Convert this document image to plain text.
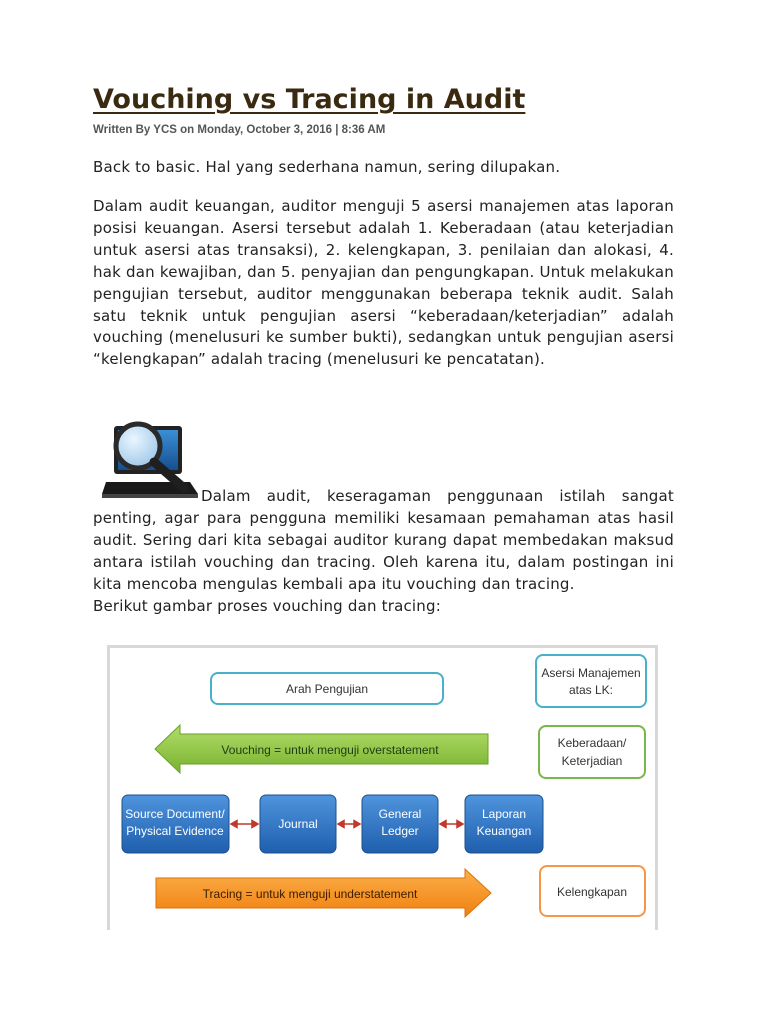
Vouching vs Tracing in Audit
Written By YCS on Monday, October 3, 2016 | 8:36 AM
Back to basic. Hal yang sederhana namun, sering dilupakan.
Dalam audit keuangan, auditor menguji 5 asersi manajemen atas laporan posisi keuangan. Asersi tersebut adalah 1. Keberadaan (atau keterjadian untuk asersi atas transaksi), 2. kelengkapan, 3. penilaian dan alokasi, 4. hak dan kewajiban, dan 5. penyajian dan pengungkapan. Untuk melakukan pengujian tersebut, auditor menggunakan beberapa teknik audit. Salah satu teknik untuk pengujian asersi “keberadaan/keterjadian” adalah vouching (menelusuri ke sumber bukti), sedangkan untuk pengujian asersi “kelengkapan” adalah tracing (menelusuri ke pencatatan).
Dalam audit, keseragaman penggunaan istilah sangat penting, agar para pengguna memiliki kesamaan pemahaman atas hasil audit. Sering dari kita sebagai auditor kurang dapat membedakan maksud antara istilah vouching dan tracing. Oleh karena itu, dalam postingan ini kita mencoba mengulas kembali apa itu vouching dan tracing.
Berikut gambar proses vouching dan tracing:
Arah Pengujian
Asersi Manajemen
atas LK:
Vouching = untuk menguji overstatement	Keberadaan/
Keterjadian
Source Document/
Physical Evidence	Journal
General
Ledger
Laporan
Keuangan
Tracing = untuk menguji understatement	Kelengkapan
